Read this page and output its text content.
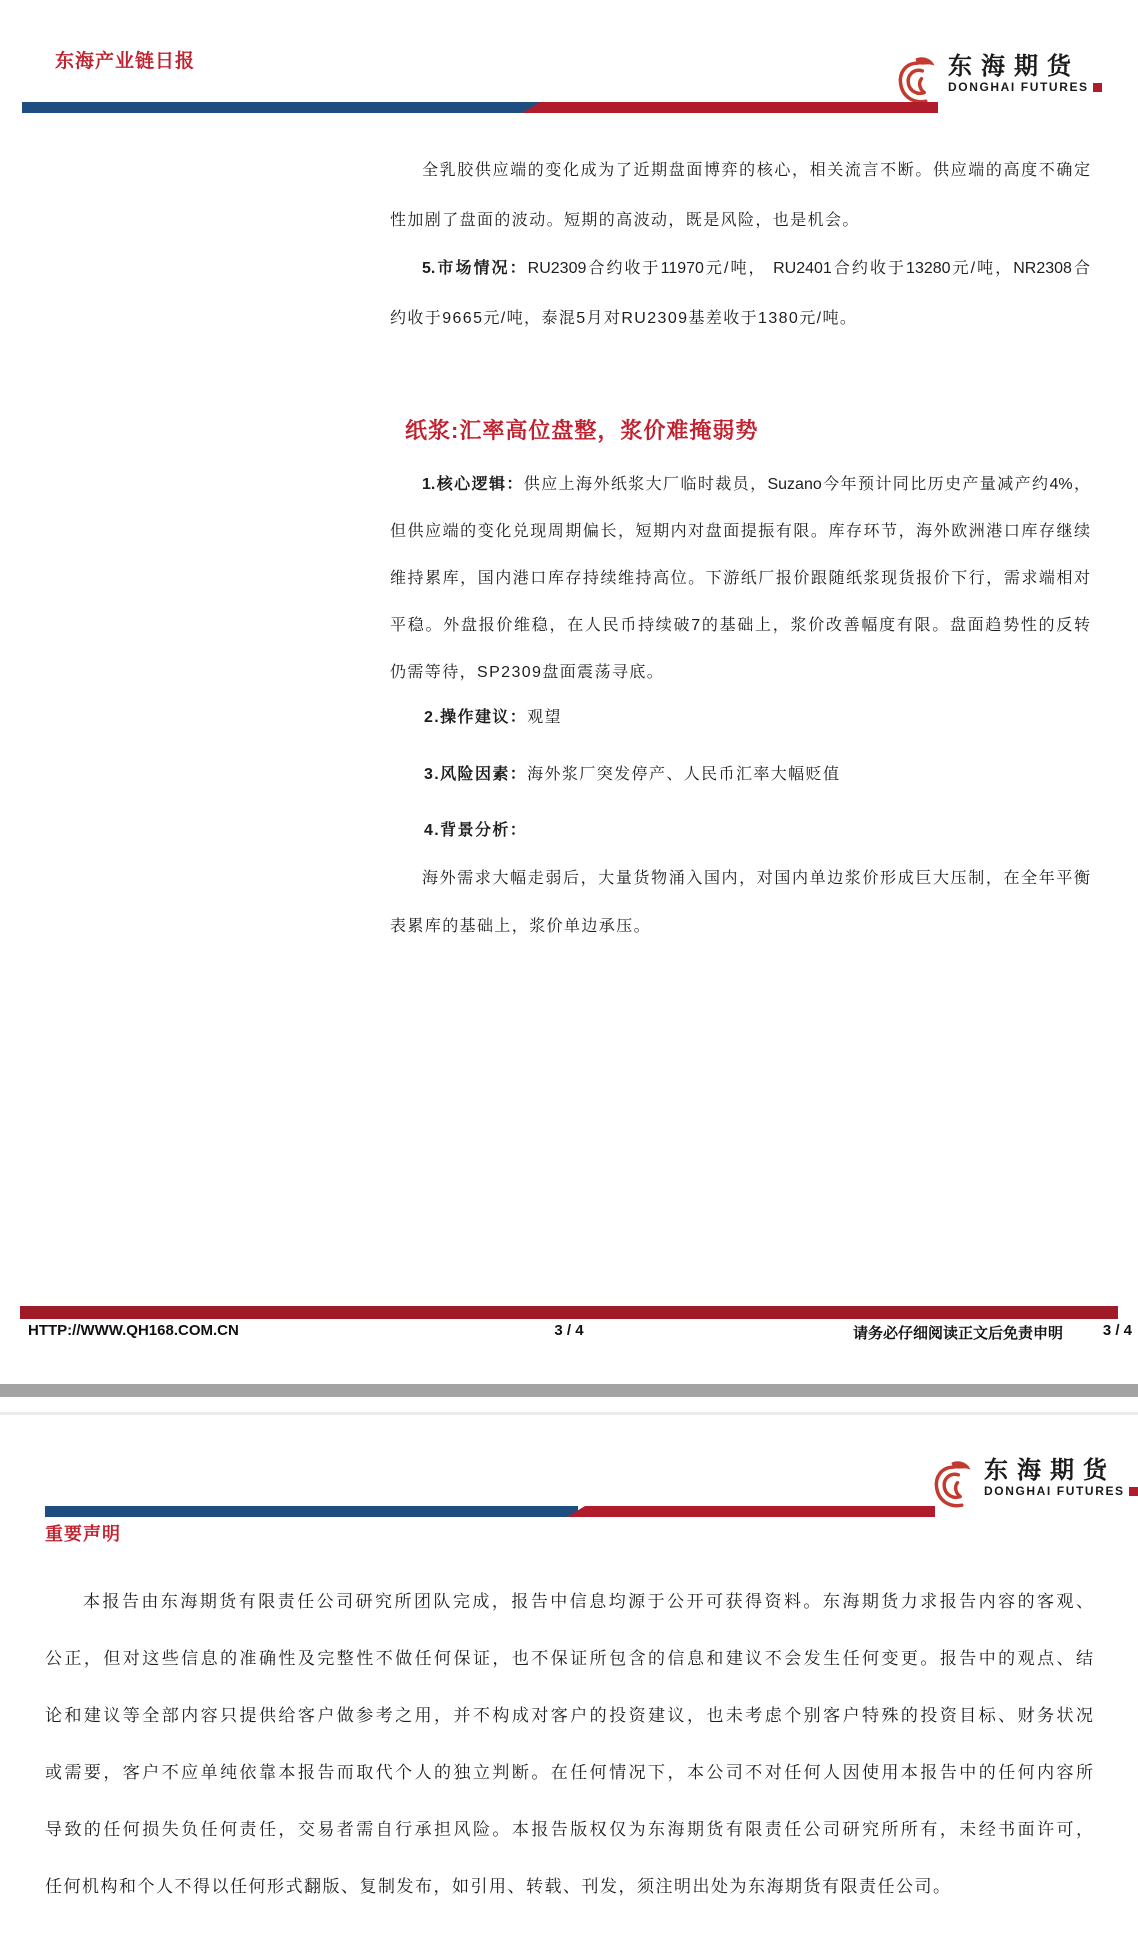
东海产业链日报	东海期货
DONGHAI FUTURES
全乳胶供应端的变化成为了近期盘面博弈的核心，相关流言不断。供应端的高度不确定
性加剧了盘面的波动。短期的高波动，既是风险，也是机会。
5.市场情况：RU2309合约收于11970元/吨， RU2401合约收于13280元/吨，NR2308合
约收于9665元/吨，泰混5月对RU2309基差收于1380元/吨。
纸浆:汇率高位盘整，浆价难掩弱势
1.核心逻辑：供应上海外纸浆大厂临时裁员，Suzano今年预计同比历史产量减产约4%，
但供应端的变化兑现周期偏长，短期内对盘面提振有限。库存环节，海外欧洲港口库存继续
维持累库，国内港口库存持续维持高位。下游纸厂报价跟随纸浆现货报价下行，需求端相对
平稳。外盘报价维稳，在人民币持续破7的基础上，浆价改善幅度有限。盘面趋势性的反转
仍需等待，SP2309盘面震荡寻底。
2.操作建议：观望
3.风险因素：海外浆厂突发停产、人民币汇率大幅贬值
4.背景分析：
海外需求大幅走弱后，大量货物涌入国内，对国内单边浆价形成巨大压制，在全年平衡
表累库的基础上，浆价单边承压。
HTTP://WWW.QH168.COM.CN	3 / 4	请务必仔细阅读正文后免责申明	3 / 4
东海期货
DONGHAI FUTURES
重要声明
本报告由东海期货有限责任公司研究所团队完成，报告中信息均源于公开可获得资料。东海期货力求报告内容的客观、
公正，但对这些信息的准确性及完整性不做任何保证，也不保证所包含的信息和建议不会发生任何变更。报告中的观点、结
论和建议等全部内容只提供给客户做参考之用，并不构成对客户的投资建议，也未考虑个别客户特殊的投资目标、财务状况
或需要，客户不应单纯依靠本报告而取代个人的独立判断。在任何情况下，本公司不对任何人因使用本报告中的任何内容所
导致的任何损失负任何责任，交易者需自行承担风险。本报告版权仅为东海期货有限责任公司研究所所有，未经书面许可，
任何机构和个人不得以任何形式翻版、复制发布，如引用、转载、刊发，须注明出处为东海期货有限责任公司。
